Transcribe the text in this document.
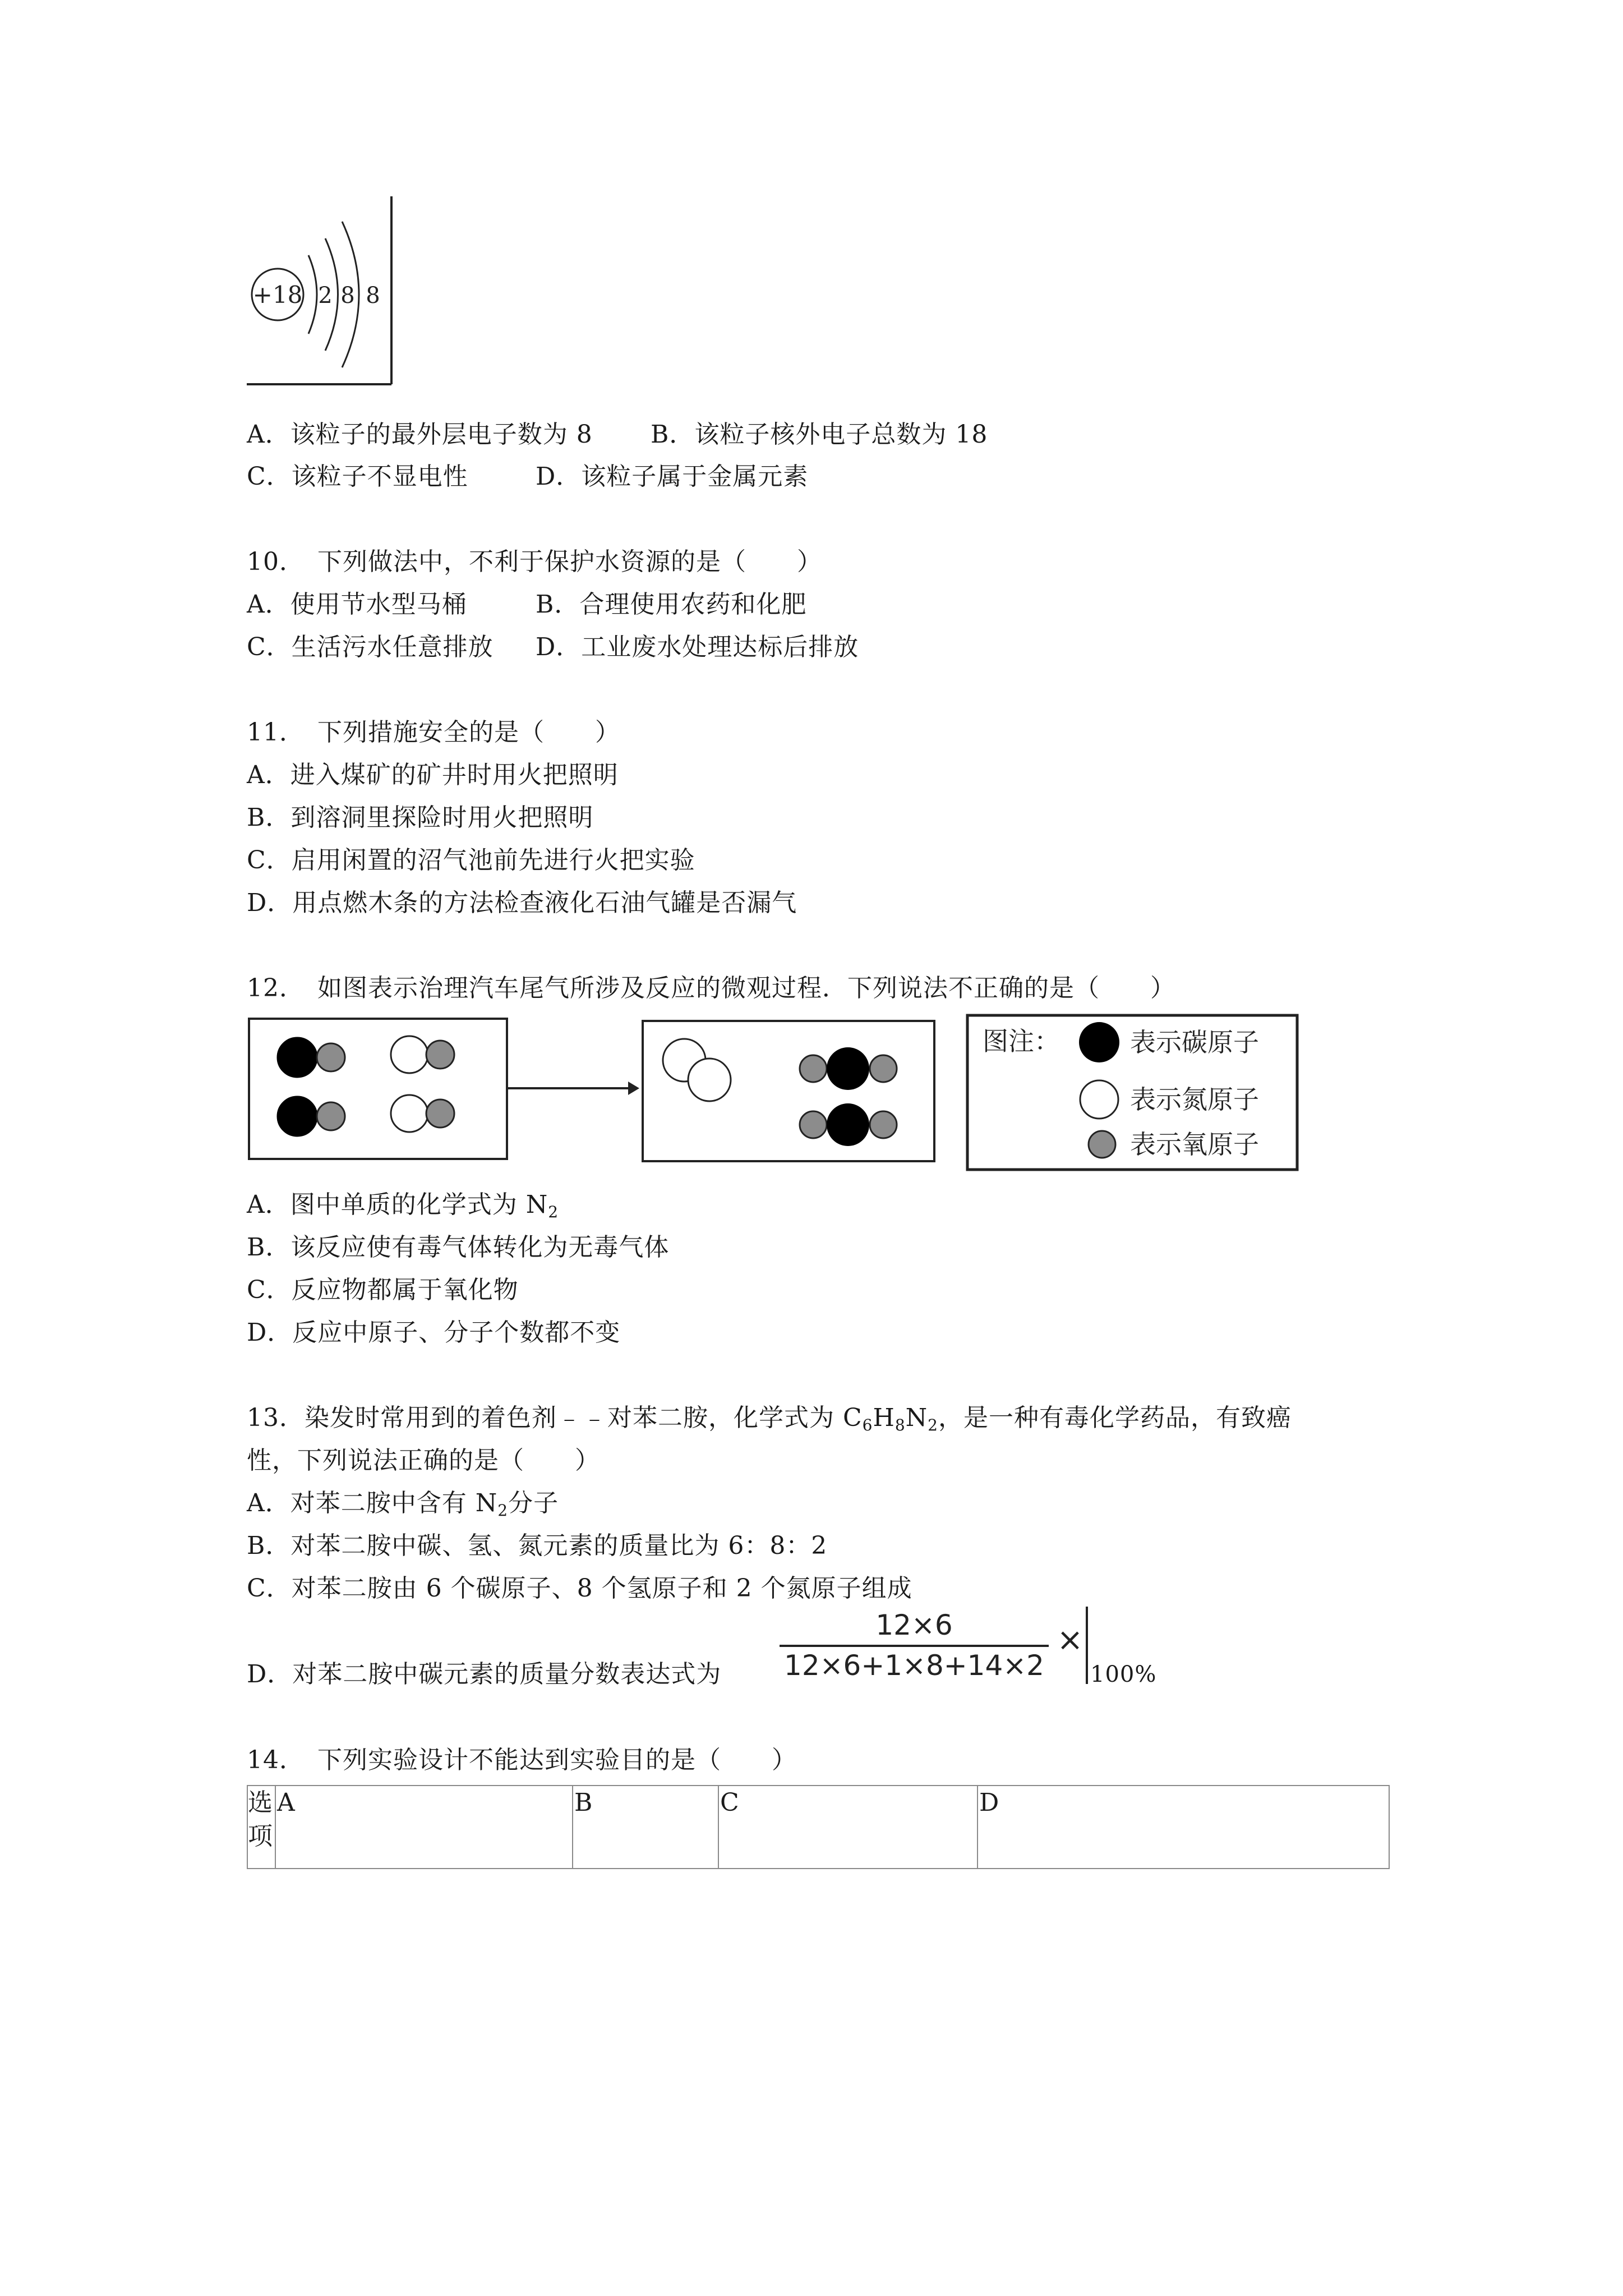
+18 2 8 8
A．该粒子的最外层电子数为 8 B．该粒子核外电子总数为 18
C．该粒子不显电性	D．该粒子属于金属元素
10．　下列做法中，不利于保护水资源的是（　　）
A．使用节水型马桶	B．合理使用农药和化肥
C．生活污水任意排放 D．工业废水处理达标后排放
11．　下列措施安全的是（　　）
A．进入煤矿的矿井时用火把照明
B．到溶洞里探险时用火把照明
C．启用闲置的沼气池前先进行火把实验
D．用点燃木条的方法检查液化石油气罐是否漏气
12．　如图表示治理汽车尾气所涉及反应的微观过程．下列说法不正确的是（　　）
图注：	表示碳原子
表示氮原子
表示氧原子
A．图中单质的化学式为 $N_2$
B．该反应使有毒气体转化为无毒气体
C．反应物都属于氧化物
D．反应中原子、分子个数都不变
13．染发时常用到的着色剂﹣﹣对苯二胺，化学式为 $C_6H_8N_2$，是一种有毒化学药品，有致癌
性，下列说法正确的是（　　）
A．对苯二胺中含有 $N_2$分子
B．对苯二胺中碳、氢、氮元素的质量比为 6：8：2
C．对苯二胺由 6 个碳原子、8 个氢原子和 2 个氮原子组成
D．对苯二胺中碳元素的质量分数表达式为
12×6
12×6+1×8+14×2
×
100%
14．　下列实验设计不能达到实验目的是（　　）
选项	A	B	C	D
